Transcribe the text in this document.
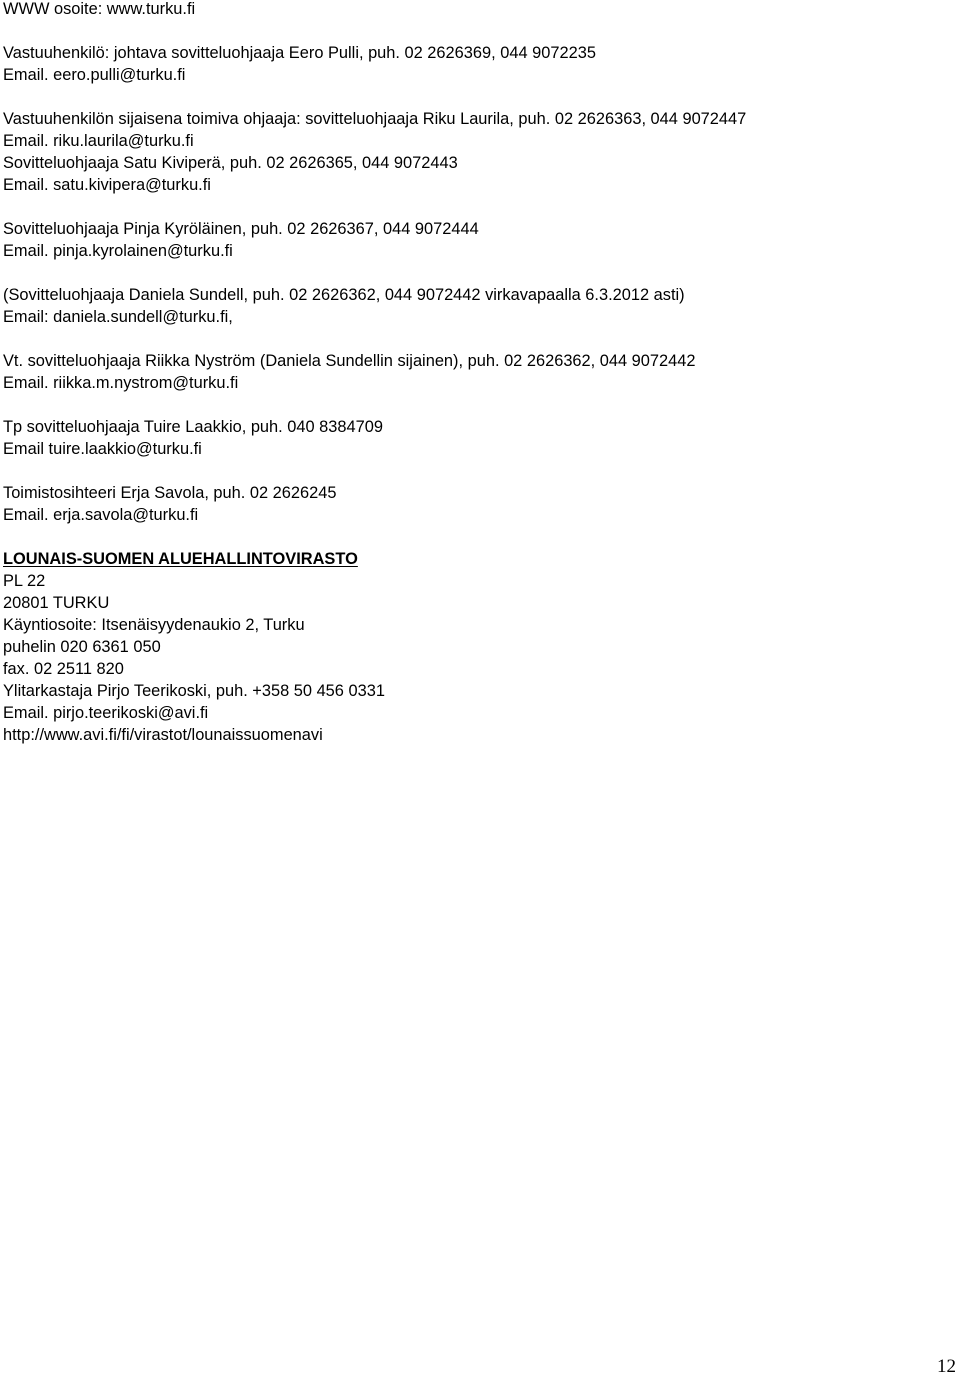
WWW osoite: www.turku.fi
Vastuuhenkilö: johtava sovitteluohjaaja Eero Pulli, puh. 02 2626369, 044 9072235
Email. eero.pulli@turku.fi
Vastuuhenkilön sijaisena toimiva ohjaaja: sovitteluohjaaja Riku Laurila, puh. 02 2626363, 044 9072447
Email. riku.laurila@turku.fi
Sovitteluohjaaja Satu Kiviperä, puh. 02 2626365, 044 9072443
Email. satu.kivipera@turku.fi
Sovitteluohjaaja Pinja Kyröläinen, puh. 02 2626367, 044 9072444
Email. pinja.kyrolainen@turku.fi
(Sovitteluohjaaja Daniela Sundell, puh. 02 2626362, 044 9072442 virkavapaalla 6.3.2012 asti)
Email: daniela.sundell@turku.fi,
Vt. sovitteluohjaaja Riikka Nyström (Daniela Sundellin sijainen), puh. 02 2626362, 044 9072442
Email. riikka.m.nystrom@turku.fi
Tp sovitteluohjaaja Tuire Laakkio, puh. 040 8384709
Email tuire.laakkio@turku.fi
Toimistosihteeri Erja Savola, puh. 02 2626245
Email. erja.savola@turku.fi
LOUNAIS-SUOMEN ALUEHALLINTOVIRASTO
PL 22
20801 TURKU
Käyntiosoite: Itsenäisyydenaukio 2, Turku
puhelin 020 6361 050
fax. 02 2511 820
Ylitarkastaja Pirjo Teerikoski, puh. +358 50 456 0331
Email. pirjo.teerikoski@avi.fi
http://www.avi.fi/fi/virastot/lounaissuomenavi
12
